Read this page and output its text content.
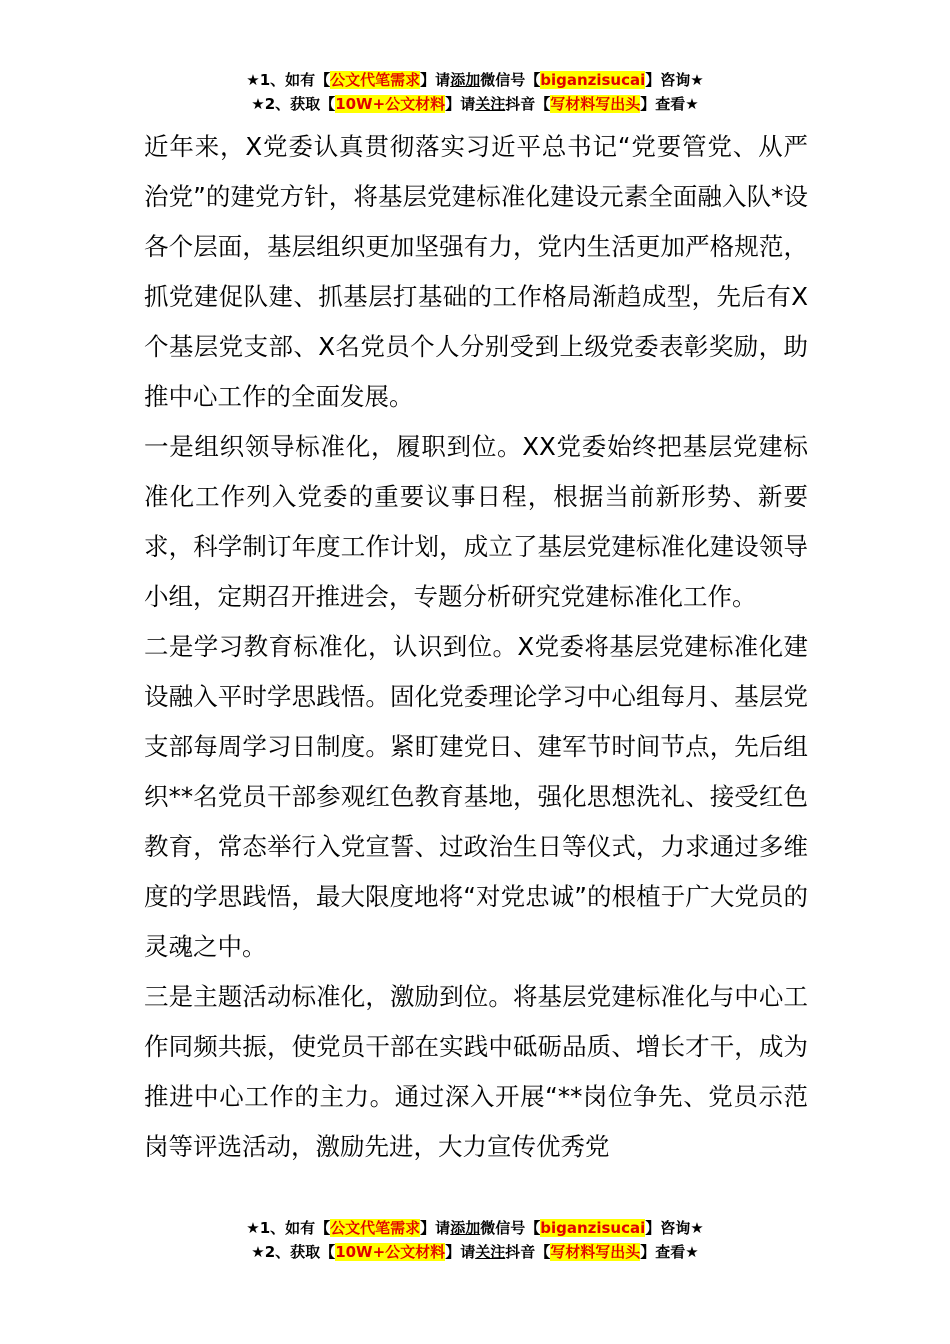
★1、如有【公文代笔需求】请添加微信号【biganzisucai】咨询★
★2、获取【10W+公文材料】请关注抖音【写材料写出头】查看★

近年来，X党委认真贯彻落实习近平总书记“党要管党、从严治党”的建党方针，将基层党建标准化建设元素全面融入队*设各个层面，基层组织更加坚强有力，党内生活更加严格规范，抓党建促队建、抓基层打基础的工作格局渐趋成型，先后有X个基层党支部、X名党员个人分别受到上级党委表彰奖励，助推中心工作的全面发展。

一是组织领导标准化，履职到位。XX党委始终把基层党建标准化工作列入党委的重要议事日程，根据当前新形势、新要求，科学制订年度工作计划，成立了基层党建标准化建设领导小组，定期召开推进会，专题分析研究党建标准化工作。

二是学习教育标准化，认识到位。X党委将基层党建标准化建设融入平时学思践悟。固化党委理论学习中心组每月、基层党支部每周学习日制度。紧盯建党日、建军节时间节点，先后组织**名党员干部参观红色教育基地，强化思想洗礼、接受红色教育，常态举行入党宣誓、过政治生日等仪式，力求通过多维度的学思践悟，最大限度地将“对党忠诚”的根植于广大党员的灵魂之中。

三是主题活动标准化，激励到位。将基层党建标准化与中心工作同频共振，使党员干部在实践中砥砺品质、增长才干，成为推进中心工作的主力。通过深入开展“**岗位争先、党员示范岗等评选活动，激励先进，大力宣传优秀党

★1、如有【公文代笔需求】请添加微信号【biganzisucai】咨询★
★2、获取【10W+公文材料】请关注抖音【写材料写出头】查看★
